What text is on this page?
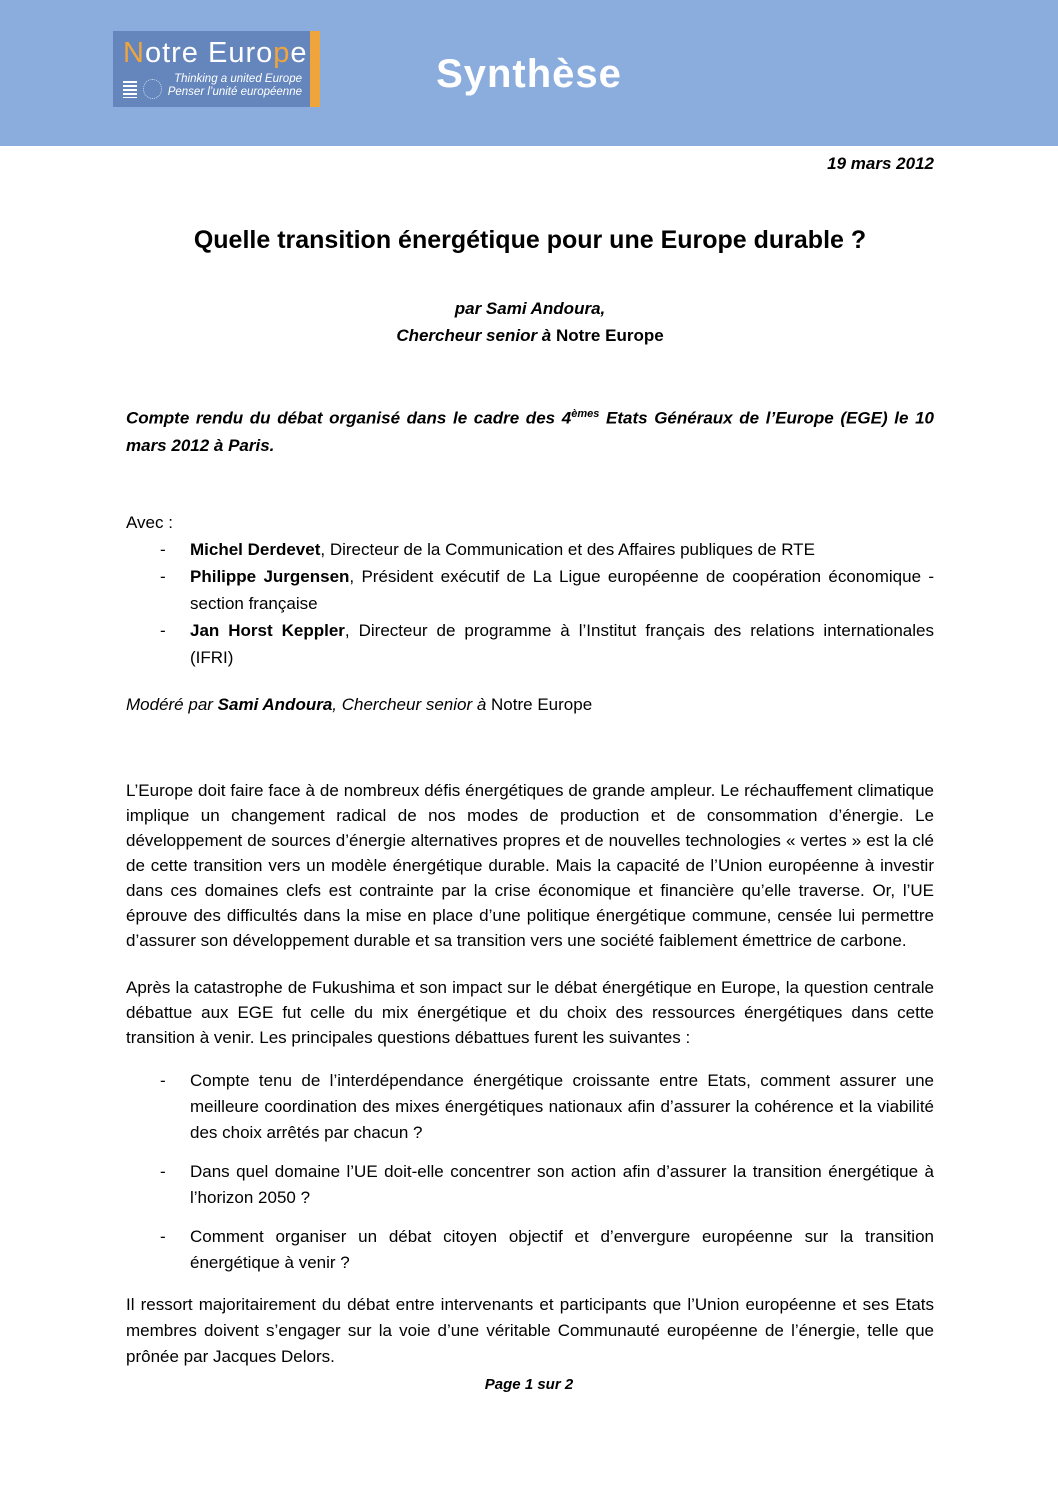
Notre Europe
Thinking a united Europe
Penser l’unité européenne	Synthèse
19 mars 2012
Quelle transition énergétique pour une Europe durable ?
par Sami Andoura,
Chercheur senior à Notre Europe
Compte rendu du débat organisé dans le cadre des 4èmes Etats Généraux de l’Europe (EGE) le 10 mars 2012 à Paris.
Avec :
- Michel Derdevet, Directeur de la Communication et des Affaires publiques de RTE
- Philippe Jurgensen, Président exécutif de La Ligue européenne de coopération économique - section française
- Jan Horst Keppler, Directeur de programme à l’Institut français des relations internationales (IFRI)
Modéré par Sami Andoura, Chercheur senior à Notre Europe
L’Europe doit faire face à de nombreux défis énergétiques de grande ampleur. Le réchauffement climatique implique un changement radical de nos modes de production et de consommation d’énergie. Le développement de sources d’énergie alternatives propres et de nouvelles technologies « vertes » est la clé de cette transition vers un modèle énergétique durable. Mais la capacité de l’Union européenne à investir dans ces domaines clefs est contrainte par la crise économique et financière qu’elle traverse. Or, l’UE éprouve des difficultés dans la mise en place d’une politique énergétique commune, censée lui permettre d’assurer son développement durable et sa transition vers une société faiblement émettrice de carbone.
Après la catastrophe de Fukushima et son impact sur le débat énergétique en Europe, la question centrale débattue aux EGE fut celle du mix énergétique et du choix des ressources énergétiques dans cette transition à venir. Les principales questions débattues furent les suivantes :
- Compte tenu de l’interdépendance énergétique croissante entre Etats, comment assurer une meilleure coordination des mixes énergétiques nationaux afin d’assurer la cohérence et la viabilité des choix arrêtés par chacun ?
- Dans quel domaine l’UE doit-elle concentrer son action afin d’assurer la transition énergétique à l’horizon 2050 ?
- Comment organiser un débat citoyen objectif et d’envergure européenne sur la transition énergétique à venir ?
Il ressort majoritairement du débat entre intervenants et participants que l’Union européenne et ses Etats membres doivent s’engager sur la voie d’une véritable Communauté européenne de l’énergie, telle que prônée par Jacques Delors.
Page 1 sur 2
